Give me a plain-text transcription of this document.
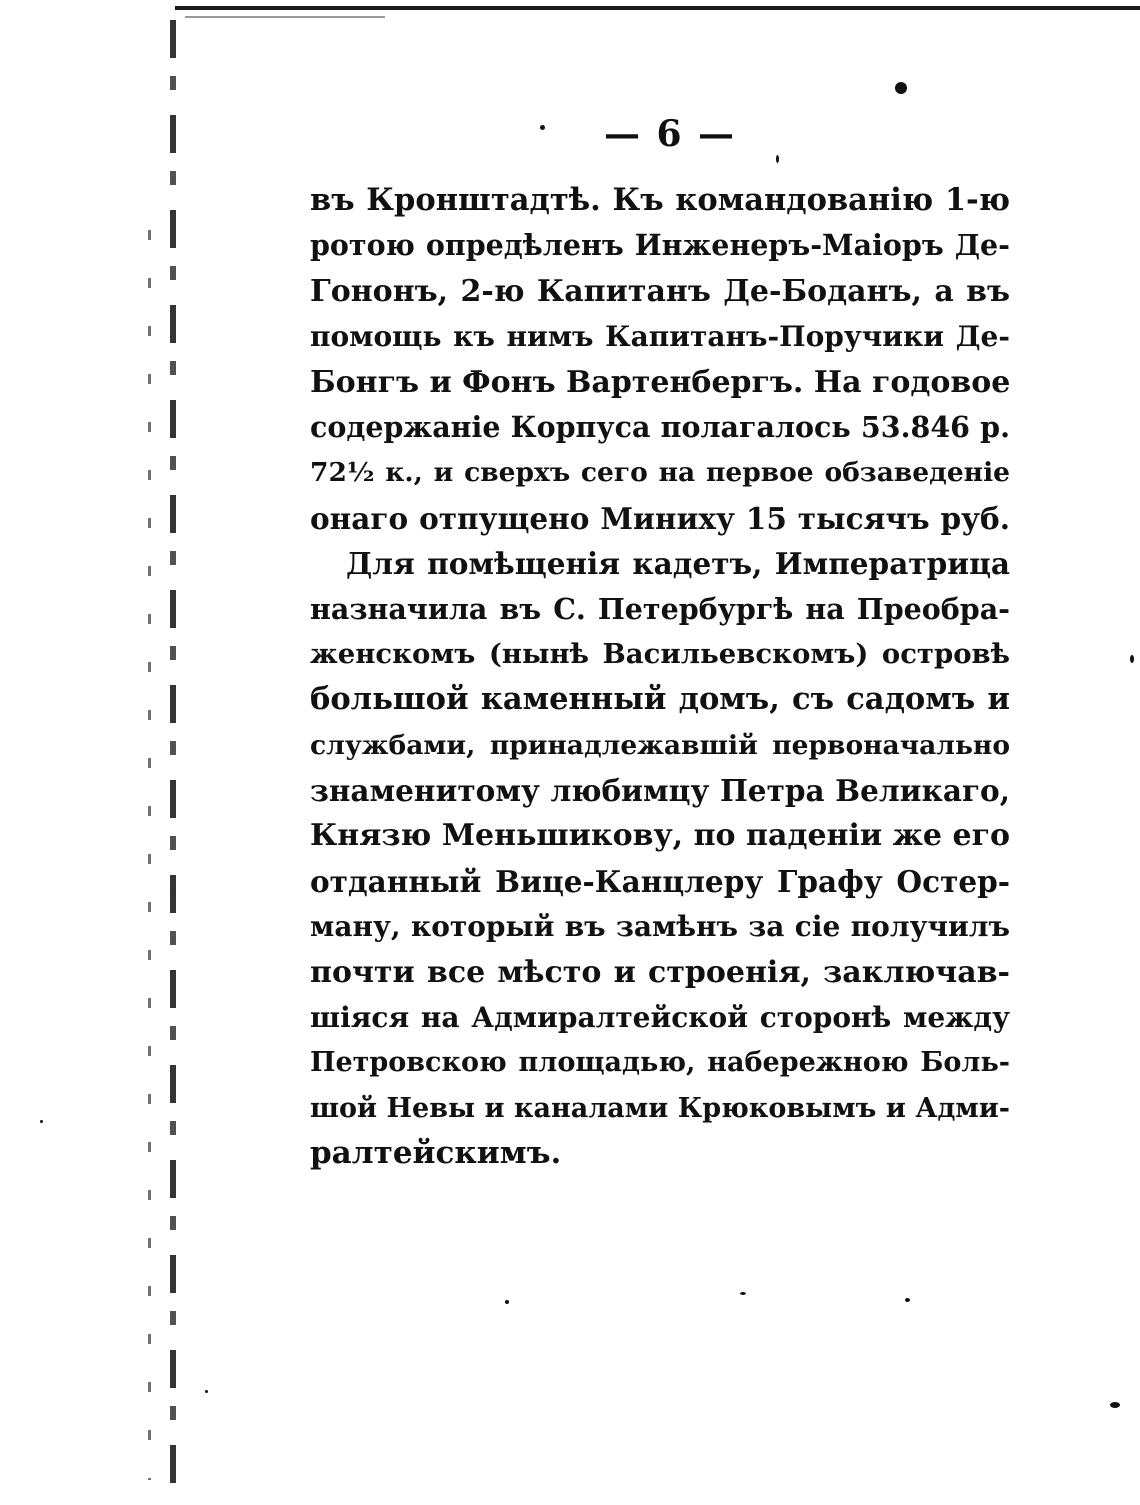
— 6 —
въ Кронштадтѣ. Къ командованію 1-ю
ротою опредѣленъ Инженеръ-Маіоръ Де-
Гононъ, 2-ю Капитанъ Де-Боданъ, а въ
помощь къ нимъ Капитанъ-Поручики Де-
Бонгъ и Фонъ Вартенбергъ. На годовое
содержаніе Корпуса полагалось 53.846 р.
72½ к., и сверхъ сего на первое обзаведеніе
онаго отпущено Миниху 15 тысячъ руб.
Для помѣщенія кадетъ, Императрица
назначила въ С. Петербургѣ на Преобра-
женскомъ (нынѣ Васильевскомъ) островѣ
большой каменный домъ, съ садомъ и
службами, принадлежавшій первоначально
знаменитому любимцу Петра Великаго,
Князю Меньшикову, по паденіи же его
отданный Вице-Канцлеру Графу Остер-
ману, который въ замѣнъ за сіе получилъ
почти все мѣсто и строенія, заключав-
шіяся на Адмиралтейской сторонѣ между
Петровскою площадью, набережною Боль-
шой Невы и каналами Крюковымъ и Адми-
ралтейскимъ.
